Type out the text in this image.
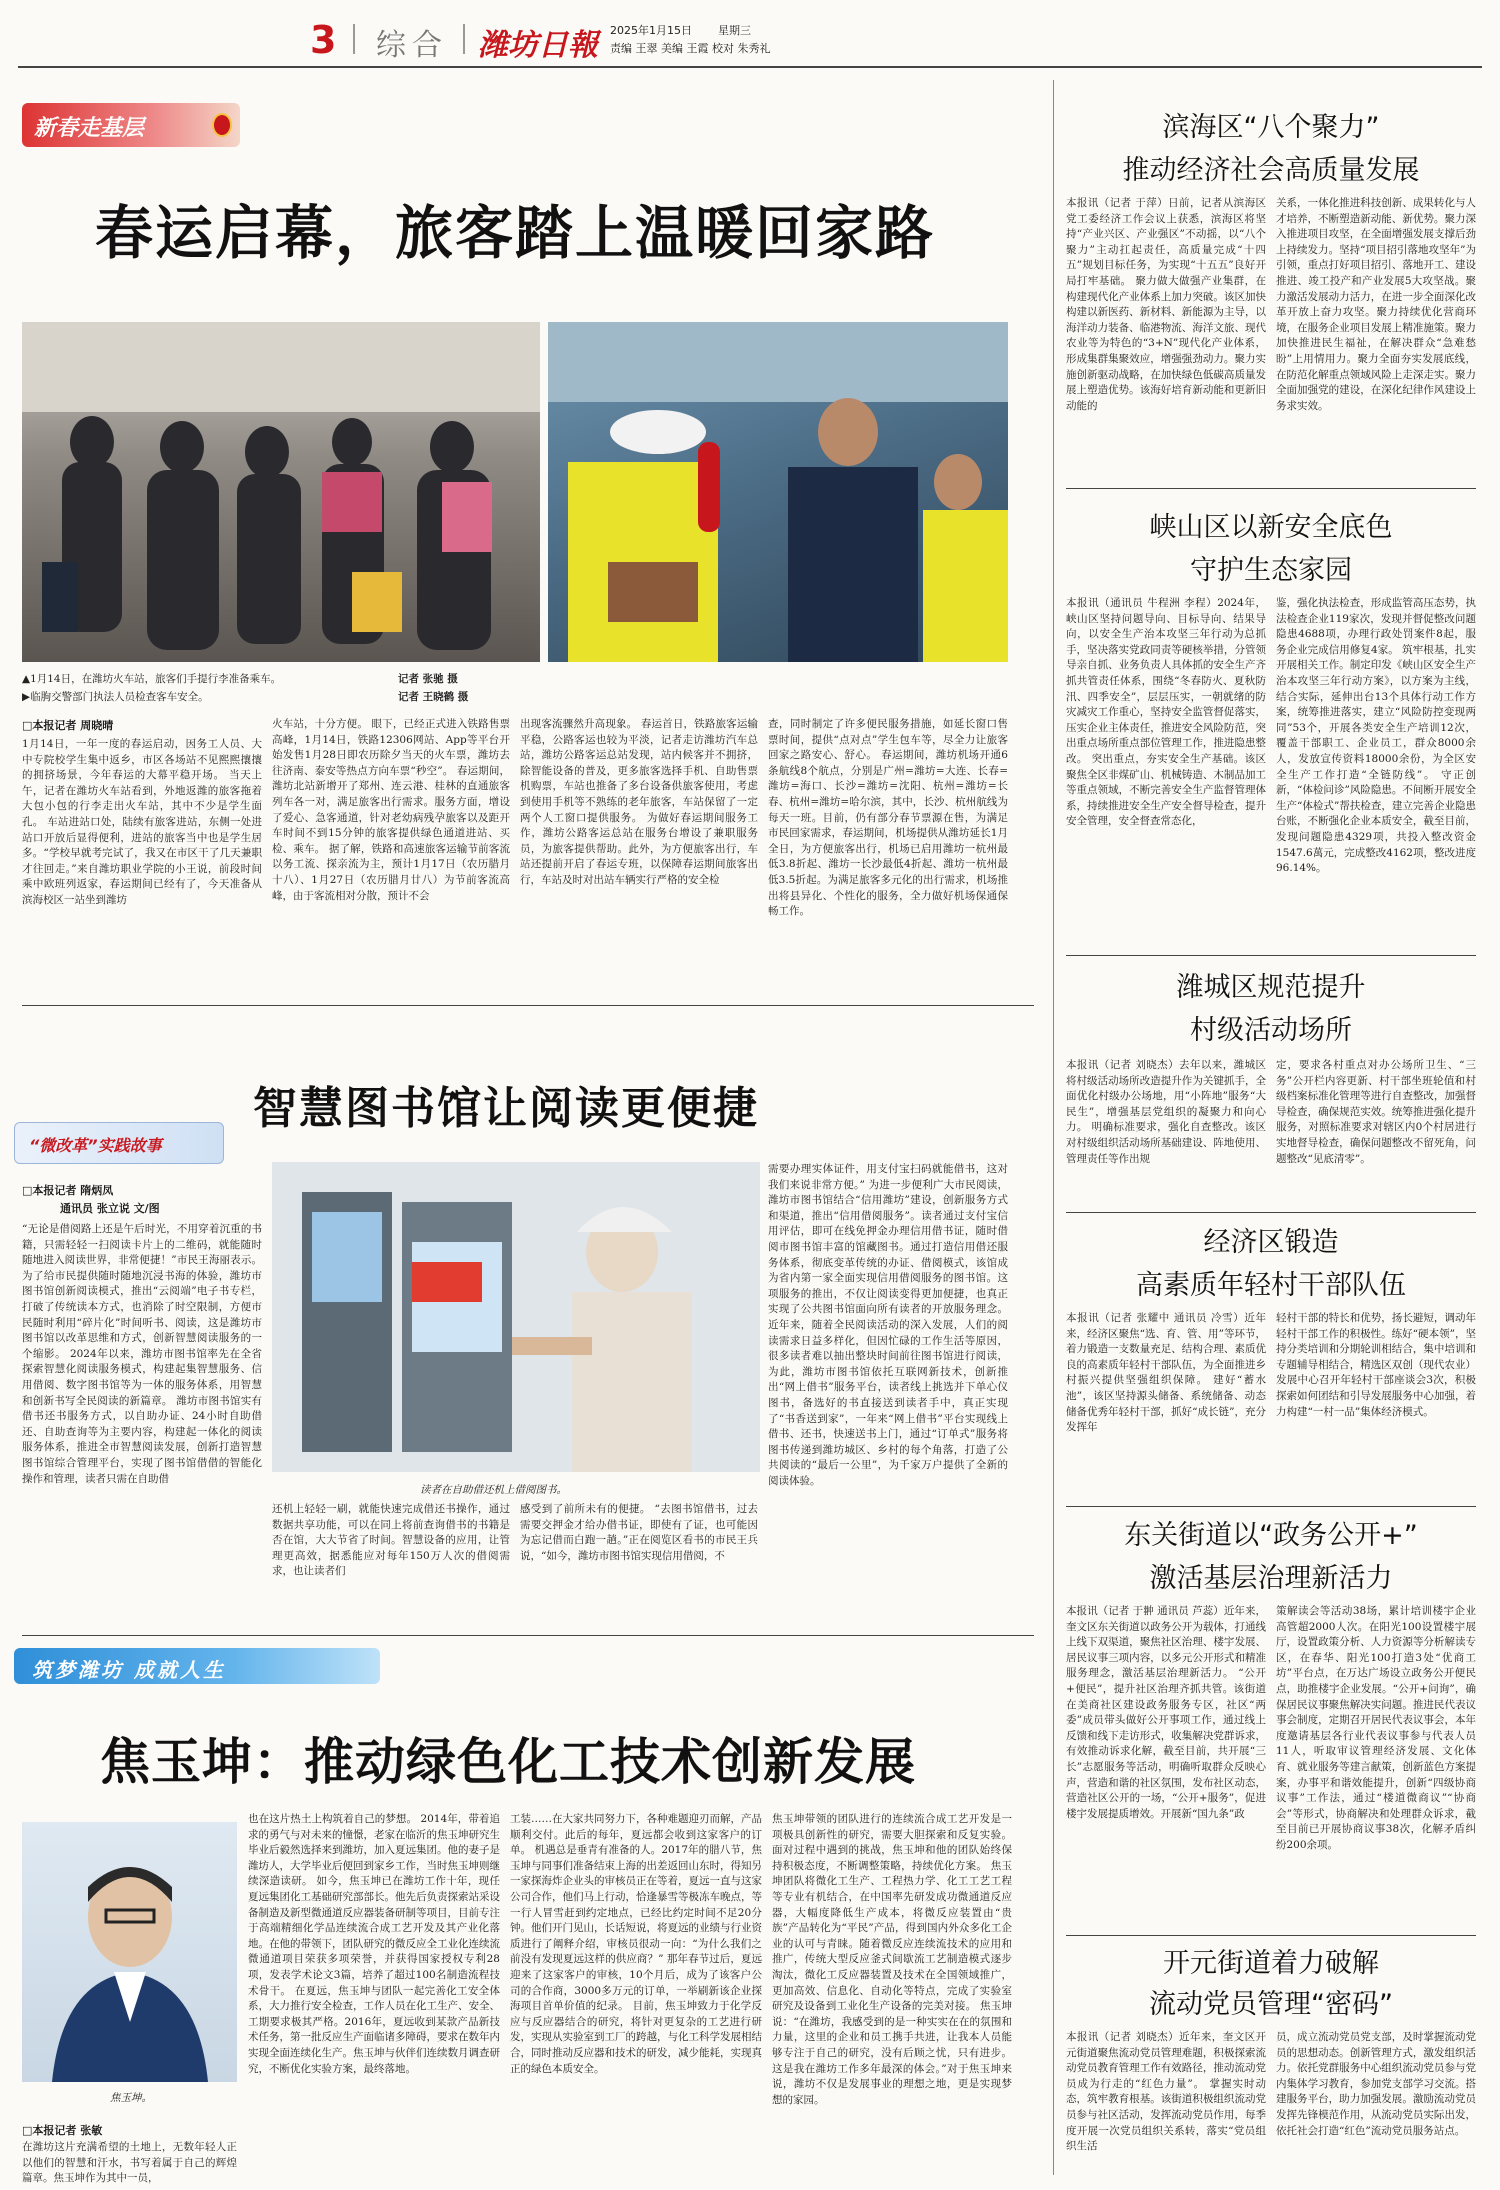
3 综合 潍坊日報 2025年1月15日 星期三
责编 王翠 美编 王霞 校对 朱秀礼
新春走基层
春运启幕，旅客踏上温暖回家路
▲1月14日，在潍坊火车站，旅客们手提行李准备乘车。
▶临朐交警部门执法人员检查客车安全。
记者 张驰 摄
记者 王晓鹤 摄
□本报记者 周晓晴
1月14日，一年一度的春运启动，因务工人员、大中专院校学生集中返乡，市区各场站不见熙熙攘攘的拥挤场景，今年春运的大幕平稳开场。 当天上午，记者在潍坊火车站看到，外地返潍的旅客拖着大包小包的行李走出火车站，其中不少是学生面孔。 车站进站口处，陆续有旅客进站，东侧一处进站口开放后显得便利，进站的旅客当中也是学生居多。“学校早就考完试了，我又在市区干了几天兼职才往回走。”来自潍坊职业学院的小王说，前段时间乘中欧班列返家，春运期间已经有了，今天准备从滨海校区一站坐到潍坊
火车站，十分方便。 眼下，已经正式进入铁路售票高峰，1月14日，铁路12306网站、App等平台开始发售1月28日即农历除夕当天的火车票，潍坊去往济南、泰安等热点方向车票“秒空”。 春运期间，潍坊北站新增开了郑州、连云港、桂林的直通旅客列车各一对，满足旅客出行需求。服务方面，增设了爱心、急客通道，针对老幼病残孕旅客以及距开车时间不到15分钟的旅客提供绿色通道进站、买检、乘车。 据了解，铁路和高速旅客运输节前客流以务工流、探亲流为主，预计1月17日（农历腊月十八）、1月27日（农历腊月廿八）为节前客流高峰，由于客流相对分散，预计不会
出现客流骤然升高现象。 春运首日，铁路旅客运输平稳，公路客运也较为平淡，记者走访潍坊汽车总站，潍坊公路客运总站发现，站内候客并不拥挤，除智能设备的普及，更多旅客选择手机、自助售票机购票，车站也推备了多台设备供旅客使用，考虑到使用手机等不熟练的老年旅客，车站保留了一定两个人工窗口提供服务。 为做好春运期间服务工作，潍坊公路客运总站在服务台增设了兼职服务员，为旅客提供帮助。此外，为方便旅客出行，车站还提前开启了春运专班，以保障春运期间旅客出行，车站及时对出站车辆实行严格的安全检
查，同时制定了许多便民服务措施，如延长窗口售票时间，提供“点对点”学生包车等，尽全力让旅客回家之路安心、舒心。 春运期间，潍坊机场开通6条航线8个航点，分别是广州=潍坊=大连、长春=潍坊=海口、长沙=潍坊=沈阳、杭州=潍坊=长春、杭州=潍坊=哈尔滨，其中，长沙、杭州航线为每天一班。目前，仍有部分春节票源在售，为满足市民回家需求，春运期间，机场提供从潍坊延长1月全日，为方便旅客出行，机场已启用潍坊一杭州最低3.8折起、潍坊一长沙最低4折起、潍坊一杭州最低3.5折起。为满足旅客多元化的出行需求，机场推出将县异化、个性化的服务，全力做好机场保通保畅工作。
智慧图书馆让阅读更便捷
“微改革”实践故事
□本报记者 隋炳凤
通讯员 张立说 文/图
“无论是借阅路上还是午后时光，不用穿着沉重的书籍，只需轻轻一扫阅读卡片上的二维码，就能随时随地进入阅读世界，非常便捷！”市民王海丽表示。 为了给市民提供随时随地沉浸书海的体验，潍坊市图书馆创新阅读模式，推出“云阅端”电子书专栏，打破了传统读本方式，也消除了时空限制，方便市民随时利用“碎片化”时间听书、阅读，这是潍坊市图书馆以改革思维和方式，创新智慧阅读服务的一个缩影。 2024年以来，潍坊市图书馆率先在全省探索智慧化阅读服务模式，构建起集智慧服务、信用借阅、数字图书馆等为一体的服务体系，用智慧和创新书写全民阅读的新篇章。 潍坊市图书馆实有借书还书服务方式，以自助办证、24小时自助借还、自助查询等为主要内容，构建起一体化的阅读服务体系，推进全市智慧阅读发展，创新打造智慧图书馆综合管理平台，实现了图书馆借借的智能化操作和管理，读者只需在自助借
读者在自助借还机上借阅图书。
还机上轻轻一刷，就能快速完成借还书操作，通过数据共享功能，可以在同上将前查询借书的书籍是否在馆，大大节省了时间。智慧设备的应用，让管理更高效，据悉能应对每年150万人次的借阅需求，也让读者们
感受到了前所未有的便捷。 “去图书馆借书，过去需要交押金才给办借书证，即使有了证，也可能因为忘记借而白跑一趟。”正在阅览区看书的市民王兵说，“如今，潍坊市图书馆实现信用借阅，不
需要办理实体证件，用支付宝扫码就能借书，这对我们来说非常方便。” 为进一步便利广大市民阅读，潍坊市图书馆结合“信用潍坊”建设，创新服务方式和渠道，推出“信用借阅服务”。读者通过支付宝信用评估，即可在线免押金办理信用借书证，随时借阅市图书馆丰富的馆藏图书。通过打造信用借还服务体系，彻底变革传统的办证、借阅模式，该馆成为省内第一家全面实现信用借阅服务的图书馆。这项服务的推出，不仅让阅读变得更加便捷，也真正实现了公共图书馆面向所有读者的开放服务理念。 近年来，随着全民阅读活动的深入发展，人们的阅读需求日益多样化，但因忙碌的工作生活等原因，很多读者难以抽出整块时间前往图书馆进行阅读，为此，潍坊市图书馆依托互联网新技术，创新推出“网上借书”服务平台，读者线上挑选并下单心仪图书，备选好的书直接送到读者手中，真正实现了“书香送到家”，一年来“网上借书”平台实现线上借书、还书，快速送书上门，通过“订单式”服务将图书传递到潍坊城区、乡村的每个角落，打造了公共阅读的“最后一公里”，为千家万户提供了全新的阅读体验。
筑梦潍坊 成就人生
焦玉坤：推动绿色化工技术创新发展
焦玉坤。
□本报记者 张敏
在潍坊这片充满希望的土地上，无数年轻人正以他们的智慧和汗水，书写着属于自己的辉煌篇章。焦玉坤作为其中一员，
也在这片热土上构筑着自己的梦想。 2014年，带着追求的勇气与对未来的憧憬，老家在临沂的焦玉坤研究生毕业后毅然选择来到潍坊，加入夏远集团。他的妻子是潍坊人，大学毕业后便回到家乡工作，当时焦玉坤则继续深造读研。 如今，焦玉坤已在潍坊工作十年，现任夏远集团化工基础研究部部长。他先后负责探索站采设备制造及新型微通道反应器装备研制等项目，目前专注于高端精细化学品连续流合成工艺开发及其产业化落地。在他的带领下，团队研究的微反应全工业化连续流微通道项目荣获多项荣誉，并获得国家授权专利28项，发表学术论文3篇，培养了超过100名制造流程技术骨干。 在夏远，焦玉坤与团队一起完善化工安全体系，大力推行安全检查，工作人员在化工生产、安全、工期要求极其严格。2016年，夏远收到某款产品新技术任务，第一批反应生产面临诸多障碍，要求在数年内实现全面连续化生产。焦玉坤与伙伴们连续数月调查研究，不断优化实验方案，最终落地。
工装……在大家共同努力下，各种难题迎刃而解，产品顺利交付。此后的每年，夏远都会收到这家客户的订单。 机遇总是垂青有准备的人。2017年的腊八节，焦玉坤与同事们准备结束上海的出差返回山东时，得知另一家探海炸企业头的审核员正在等着，夏远一直与这家公司合作，他们马上行动，恰逢暴雪等极冻车晚点，等一行人冒雪赶到约定地点，已经比约定时间不足20分钟。他们开门见山，长话短说，将夏远的业绩与行业资质进行了阐释介绍，审核员很动一向：“为什么我们之前没有发现夏远这样的供应商？” 那年春节过后，夏远迎来了这家客户的审核，10个月后，成为了该客户公司的合作商，3000多万元的订单，一举刷新该企业探海项目首单价值的纪录。 目前，焦玉坤致力于化学反应与反应器结合的研究，将针对更复杂的工艺进行研发，实现从实验室到工厂的跨越，与化工科学发展相结合，同时推动反应器和技术的研发，减少能耗，实现真正的绿色本质安全。
焦玉坤带领的团队进行的连续流合成工艺开发是一项极具创新性的研究，需要大胆探索和反复实验。面对过程中遇到的挑战，焦玉坤和他的团队始终保持积极态度，不断调整策略，持续优化方案。 焦玉坤团队将微化工生产、工程热力学、化工工艺工程等专业有机结合，在中国率先研发成功微通道反应器，大幅度降低生产成本，将微反应装置由“贵族”产品转化为“平民”产品，得到国内外众多化工企业的认可与青睐。随着微反应连续流技术的应用和推广，传统大型反应釜式间歇流工艺制造模式逐步淘汰，微化工反应器装置及技术在全国领域推广，更加高效、信息化、自动化等特点，完成了实验室研究及设备到工业化生产设备的完美对接。 焦玉坤说：“在潍坊，我感受到的是一种实实在在的氛围和力量，这里的企业和员工携手共进，让我本人员能够专注于自己的研究，没有后顾之忧，只有进步。这是我在潍坊工作多年最深的体会。”对于焦玉坤来说，潍坊不仅是发展事业的理想之地，更是实现梦想的家园。
滨海区“八个聚力”
推动经济社会高质量发展
本报讯（记者 于萍）日前，记者从滨海区党工委经济工作会议上获悉，滨海区将坚持“产业兴区、产业强区”不动摇，以“八个聚力”主动扛起责任，高质量完成“十四五”规划目标任务，为实现“十五五”良好开局打牢基础。 聚力做大做强产业集群，在构建现代化产业体系上加力突破。该区加快构建以新医药、新材料、新能源为主导，以海洋动力装备、临港物流、海洋文旅、现代农业等为特色的“3+N”现代化产业体系，形成集群集聚效应，增强强劲动力。聚力实施创新驱动战略，在加快绿色低碳高质量发展上塑造优势。该海好培育新动能和更新旧动能的
关系，一体化推进科技创新、成果转化与人才培养，不断塑造新动能、新优势。聚力深入推进项目攻坚，在全面增强发展支撑后劲上持续发力。坚持“项目招引落地攻坚年”为引领，重点打好项目招引、落地开工、建设推进、竣工投产和产业发展5大攻坚战。聚力激活发展动力活力，在进一步全面深化改革开放上奋力攻坚。聚力持续优化营商环境，在服务企业项目发展上精准施策。聚力加快推进民生福祉，在解决群众“急难愁盼”上用情用力。聚力全面夯实发展底线，在防范化解重点领域风险上走深走实。聚力全面加强党的建设，在深化纪律作风建设上务求实效。
峡山区以新安全底色
守护生态家园
本报讯（通讯员 牛程洲 李程）2024年，峡山区坚持问题导向、目标导向、结果导向，以安全生产治本攻坚三年行动为总抓手，坚决落实党政同责等硬核举措，分管领导亲自抓、业务负责人具体抓的安全生产齐抓共管责任体系，围绕“冬春防火、夏秋防汛、四季安全”，层层压实，一朝就绪的防灾减灾工作重心，坚持安全监管督促落实，压实企业主体责任，推进安全风险防范，突出重点场所重点部位管理工作，推进隐患整改。 突出重点，夯实安全生产基础。该区聚焦全区非煤矿山、机械铸造、木制品加工等重点领域，不断完善安全生产监督管理体系，持续推进安全生产安全督导检查，提升安全管理，安全督查常态化，
鉴，强化执法检查，形成监管高压态势，执法检查企业119家次，发现并督促整改问题隐患4688项，办理行政处罚案件8起，服务企业完成信用修复4家。 筑牢根基，扎实开展相关工作。制定印发《峡山区安全生产治本攻坚三年行动方案》，以方案为主线，结合实际，延伸出台13个具体行动工作方案，统筹推进落实，建立“风险防控变现两同”53个，开展各类安全生产培训12次，覆盖干部职工、企业员工，群众8000余人，发放宣传资料18000余份，为全区安全生产工作打造“全链防线”。 守正创新，“体检问诊”风险隐患。不间断开展安全生产“体检式”帮扶检查，建立完善企业隐患台账，不断强化企业本质安全，截至目前，发现问题隐患4329项，共投入整改资金1547.6萬元，完成整改4162项，整改进度96.14%。
潍城区规范提升
村级活动场所
本报讯（记者 刘晓杰）去年以来，潍城区将村级活动场所改造提升作为关键抓手，全面优化村级办公场地，用“小阵地”服务“大民生”，增强基层党组织的凝聚力和向心力。 明确标准要求，强化自查整改。该区对村级组织活动场所基础建设、阵地使用、管理责任等作出规
定，要求各村重点对办公场所卫生、“三务”公开栏内容更新、村干部坐班轮值和村级档案标准化管理等进行自查整改，加强督导检查，确保规范实效。统筹推进强化提升服务，对照标准要求对辖区内0个村居进行实地督导检查，确保问题整改不留死角，问题整改“见底清零”。
经济区锻造
高素质年轻村干部队伍
本报讯（记者 张耀中 通讯员 冷雪）近年来，经济区聚焦“选、育、管、用”等环节，着力锻造一支数量充足、结构合理、素质优良的高素质年轻村干部队伍，为全面推进乡村振兴提供坚强组织保障。 建好“蓄水池”，该区坚持源头储备、系统储备、动态储备优秀年轻村干部，抓好“成长链”，充分发挥年
轻村干部的特长和优势，扬长避短，调动年轻村干部工作的积极性。练好“硬本领”，坚持分类培训和分期轮训相结合，集中培训和专题辅导相结合，精选区双创（现代农业）发展中心召开年轻村干部座谈会3次，积极探索如何团结和引导发展服务中心加强，着力构建“一村一品”集体经济模式。
东关街道以“政务公开+”
激活基层治理新活力
本报讯（记者 于翀 通讯员 芦蕊）近年来，奎文区东关街道以政务公开为载体，打通线上线下双渠道，聚焦社区治理、楼宇发展、居民议事三项内容，以多元公开形式和精准服务理念，激活基层治理新活力。 “公开+便民”，提升社区治理齐抓共管。该街道在美商社区建设政务服务专区，社区“两委”成员带头做好公开事项工作，通过线上反馈和线下走访形式，收集解决党群诉求，有效推动诉求化解，截至目前，共开展“三长”志愿服务等活动，明确听取群众反映心声，营造和谐的社区氛围，发布社区动态，营造社区公开的一场，“公开+服务”，促进楼宇发展提质增效。开展新“国九条”政
策解读会等活动38场，累计培训楼宇企业高管超2000人次。在阳光100设置楼宇展厅，设置政策分析、人力资源等分析解读专区，在春华、阳光100打造3处“优商工坊”平台点，在万达广场设立政务公开便民点，助推楼宇企业发展。“公开+问询”，确保居民议事聚焦解决实问题。推进民代表议事会制度，定期召开居民代表议事会，本年度邀请基层各行业代表议事参与代表人员11人，听取审议管理经济发展、文化体育、就业服务等建言献策，创新蓝色方案提案，办事平和谐效能提升，创新“四级协商议事”工作法，通过“楼道微商议”“协商会”等形式，协商解决和处理群众诉求，截至目前已开展协商议事38次，化解矛盾纠纷200余项。
开元街道着力破解
流动党员管理“密码”
本报讯（记者 刘晓杰）近年来，奎文区开元街道聚焦流动党员管理难题，积极探索流动党员教育管理工作有效路径，推动流动党员成为行走的“红色力量”。 掌握实时动态，筑牢教育根基。该街道积极组织流动党员参与社区活动，发挥流动党员作用，每季度开展一次党员组织关系转，落实“党员组织生活
员，成立流动党员党支部，及时掌握流动党员的思想动态。创新管理方式，激发组织活力。依托党群服务中心组织流动党员参与党内集体学习教育，参加党支部学习交流。搭建服务平台，助力加强发展。激励流动党员发挥先锋模范作用，从流动党员实际出发，依托社会打造“红色”流动党员服务站点。
